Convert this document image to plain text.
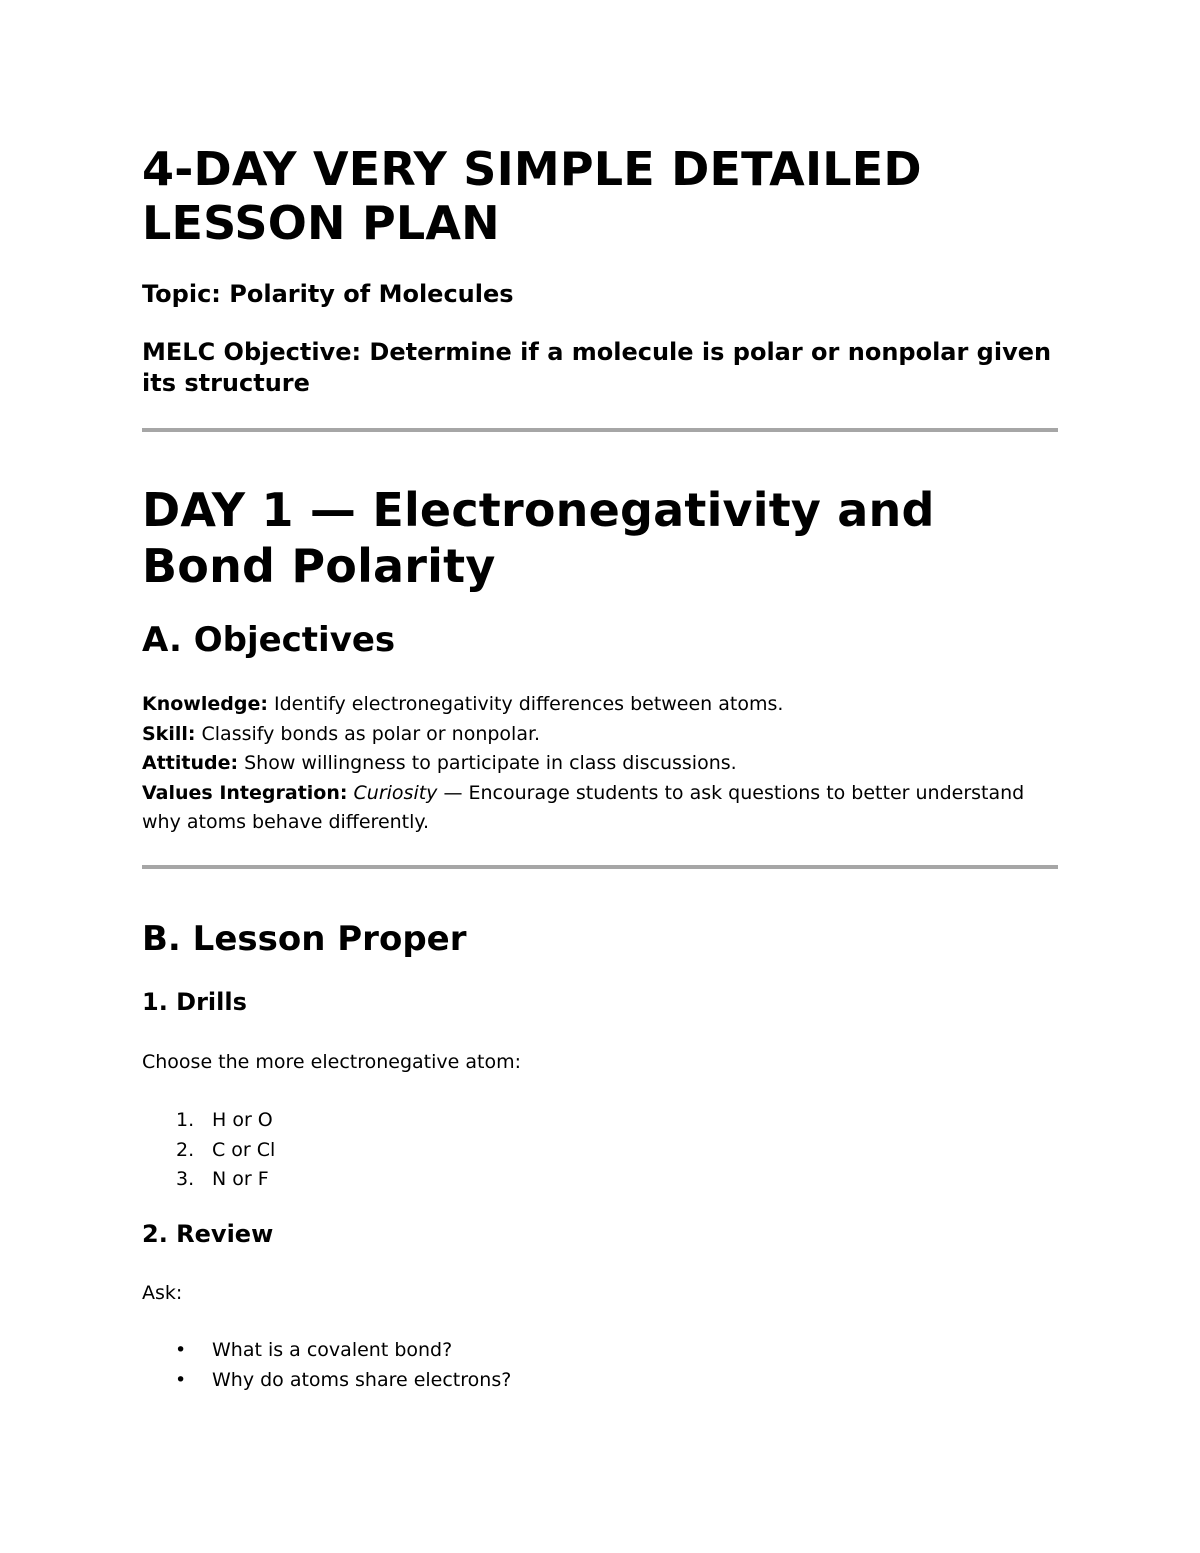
4-DAY VERY SIMPLE DETAILED LESSON PLAN

Topic: Polarity of Molecules

MELC Objective: Determine if a molecule is polar or nonpolar given its structure

DAY 1 — Electronegativity and Bond Polarity
A. Objectives

Knowledge: Identify electronegativity differences between atoms.

Skill: Classify bonds as polar or nonpolar.

Attitude: Show willingness to participate in class discussions.

Values Integration: Curiosity — Encourage students to ask questions to better understand why atoms behave differently.

B. Lesson Proper
1. Drills

Choose the more electronegative atom:

1. H or O
2. C or Cl
3. N or F
2. Review

Ask:

• What is a covalent bond?
• Why do atoms share electrons?
